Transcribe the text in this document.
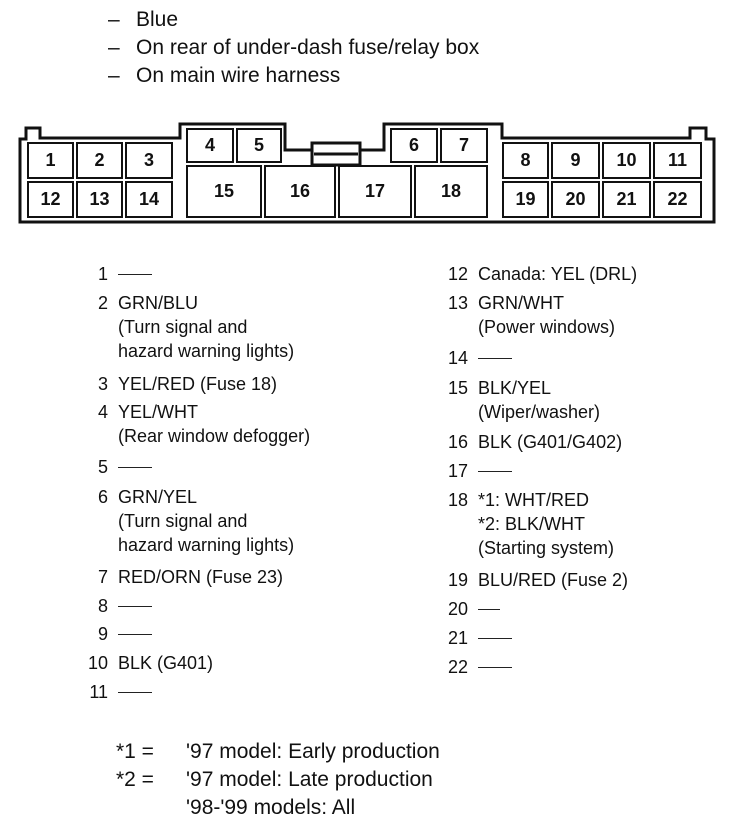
– Blue
– On rear of under-dash fuse/relay box
– On main wire harness
1	2	3
12	13	14
4	5	6	7
15	16	17	18
8	9	10	11
19	20	21	22
1
2 GRN/BLU
(Turn signal and
hazard warning lights)
3 YEL/RED (Fuse 18)
4 YEL/WHT
(Rear window defogger)
5
6 GRN/YEL
(Turn signal and
hazard warning lights)
7 RED/ORN (Fuse 23)
8
9
10 BLK (G401)
11
12 Canada: YEL (DRL)
13 GRN/WHT
(Power windows)
14
15 BLK/YEL
(Wiper/washer)
16 BLK (G401/G402)
17
18 *1: WHT/RED
*2: BLK/WHT
(Starting system)
19 BLU/RED (Fuse 2)
20
21
22
*1 = '97 model: Early production
*2 = '97 model: Late production
'98-'99 models: All
